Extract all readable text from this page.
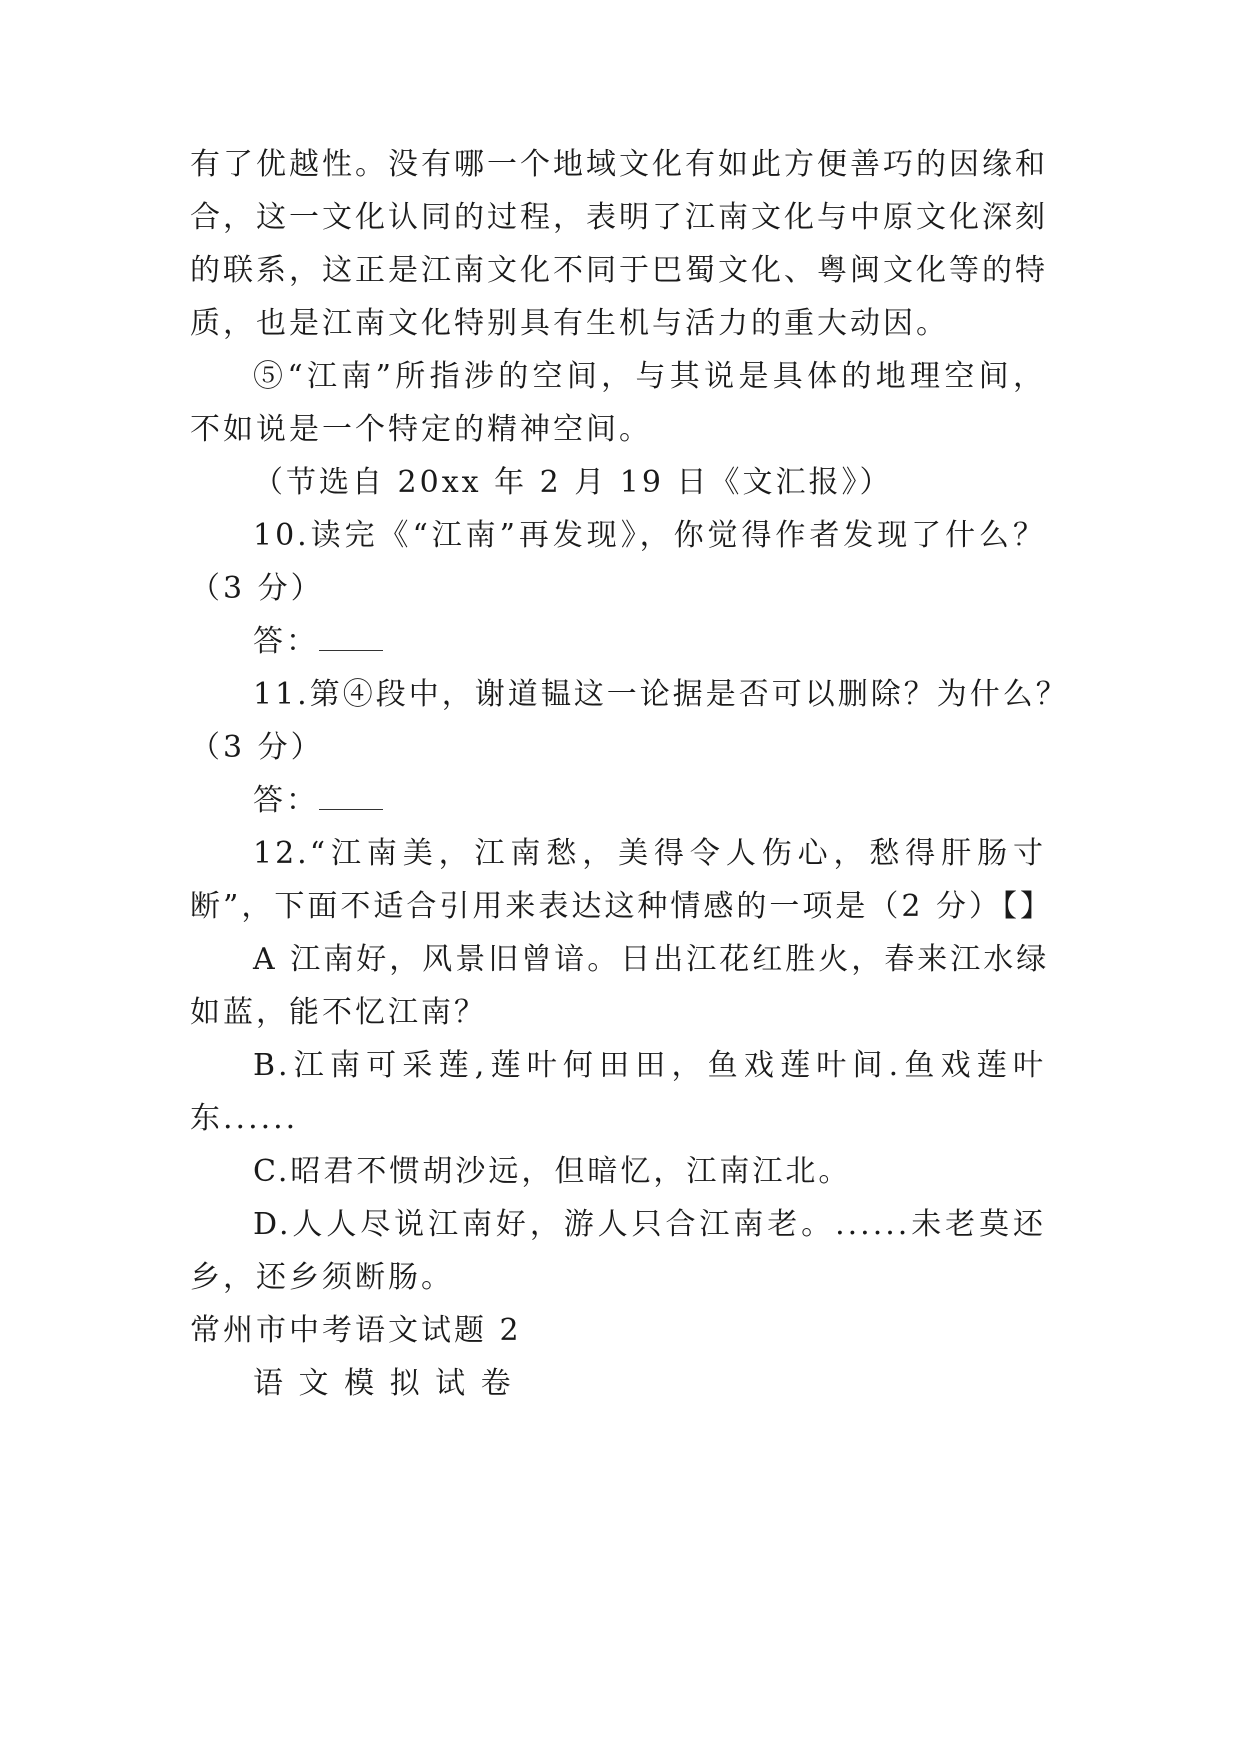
有了优越性。没有哪一个地域文化有如此方便善巧的因缘和
合，这一文化认同的过程，表明了江南文化与中原文化深刻
的联系，这正是江南文化不同于巴蜀文化、粤闽文化等的特
质，也是江南文化特别具有生机与活力的重大动因。
⑤“江南”所指涉的空间，与其说是具体的地理空间，
不如说是一个特定的精神空间。
（节选自 20xx 年 2 月 19 日《文汇报》）
10.读完《“江南”再发现》，你觉得作者发现了什么？
（3 分）
答：
11.第④段中，谢道韫这一论据是否可以删除？为什么？
（3 分）
答：
12.“江南美，江南愁，美得令人伤心，愁得肝肠寸
断”，下面不适合引用来表达这种情感的一项是（2 分）【】
A 江南好，风景旧曾谙。日出江花红胜火，春来江水绿
如蓝，能不忆江南？
B.江南可采莲,莲叶何田田，鱼戏莲叶间.鱼戏莲叶
东......
C.昭君不惯胡沙远，但暗忆，江南江北。
D.人人尽说江南好，游人只合江南老。......未老莫还
乡，还乡须断肠。
常州市中考语文试题 2
语 文 模 拟 试 卷
